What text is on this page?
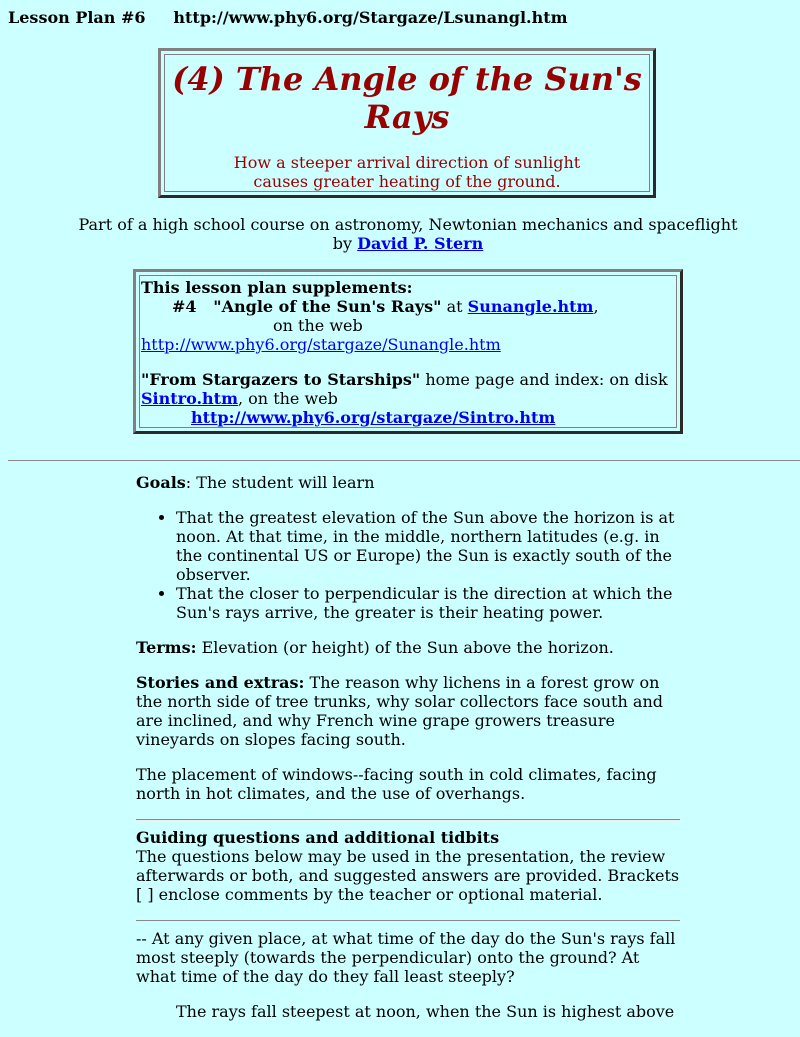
Lesson Plan #6 http://www.phy6.org/Stargaze/Lsunangl.htm
(4) The Angle of the Sun's Rays
How a steeper arrival direction of sunlight
causes greater heating of the ground.
Part of a high school course on astronomy, Newtonian mechanics and spaceflight
by David P. Stern
This lesson plan supplements:
#4   "Angle of the Sun's Rays" at Sunangle.htm,
on the web
http://www.phy6.org/stargaze/Sunangle.htm

"From Stargazers to Starships" home page and index: on disk
Sintro.htm, on the web
http://www.phy6.org/stargaze/Sintro.htm

Goals: The student will learn

• That the greatest elevation of the Sun above the horizon is at noon. At that time, in the middle, northern latitudes (e.g. in the continental US or Europe) the Sun is exactly south of the observer.
• That the closer to perpendicular is the direction at which the Sun's rays arrive, the greater is their heating power.

Terms: Elevation (or height) of the Sun above the horizon.

Stories and extras: The reason why lichens in a forest grow on the north side of tree trunks, why solar collectors face south and are inclined, and why French wine grape growers treasure vineyards on slopes facing south.

The placement of windows--facing south in cold climates, facing north in hot climates, and the use of overhangs.

Guiding questions and additional tidbits
The questions below may be used in the presentation, the review afterwards or both, and suggested answers are provided. Brackets [ ] enclose comments by the teacher or optional material.

-- At any given place, at what time of the day do the Sun's rays fall most steeply (towards the perpendicular) onto the ground? At what time of the day do they fall least steeply?

The rays fall steepest at noon, when the Sun is highest above
